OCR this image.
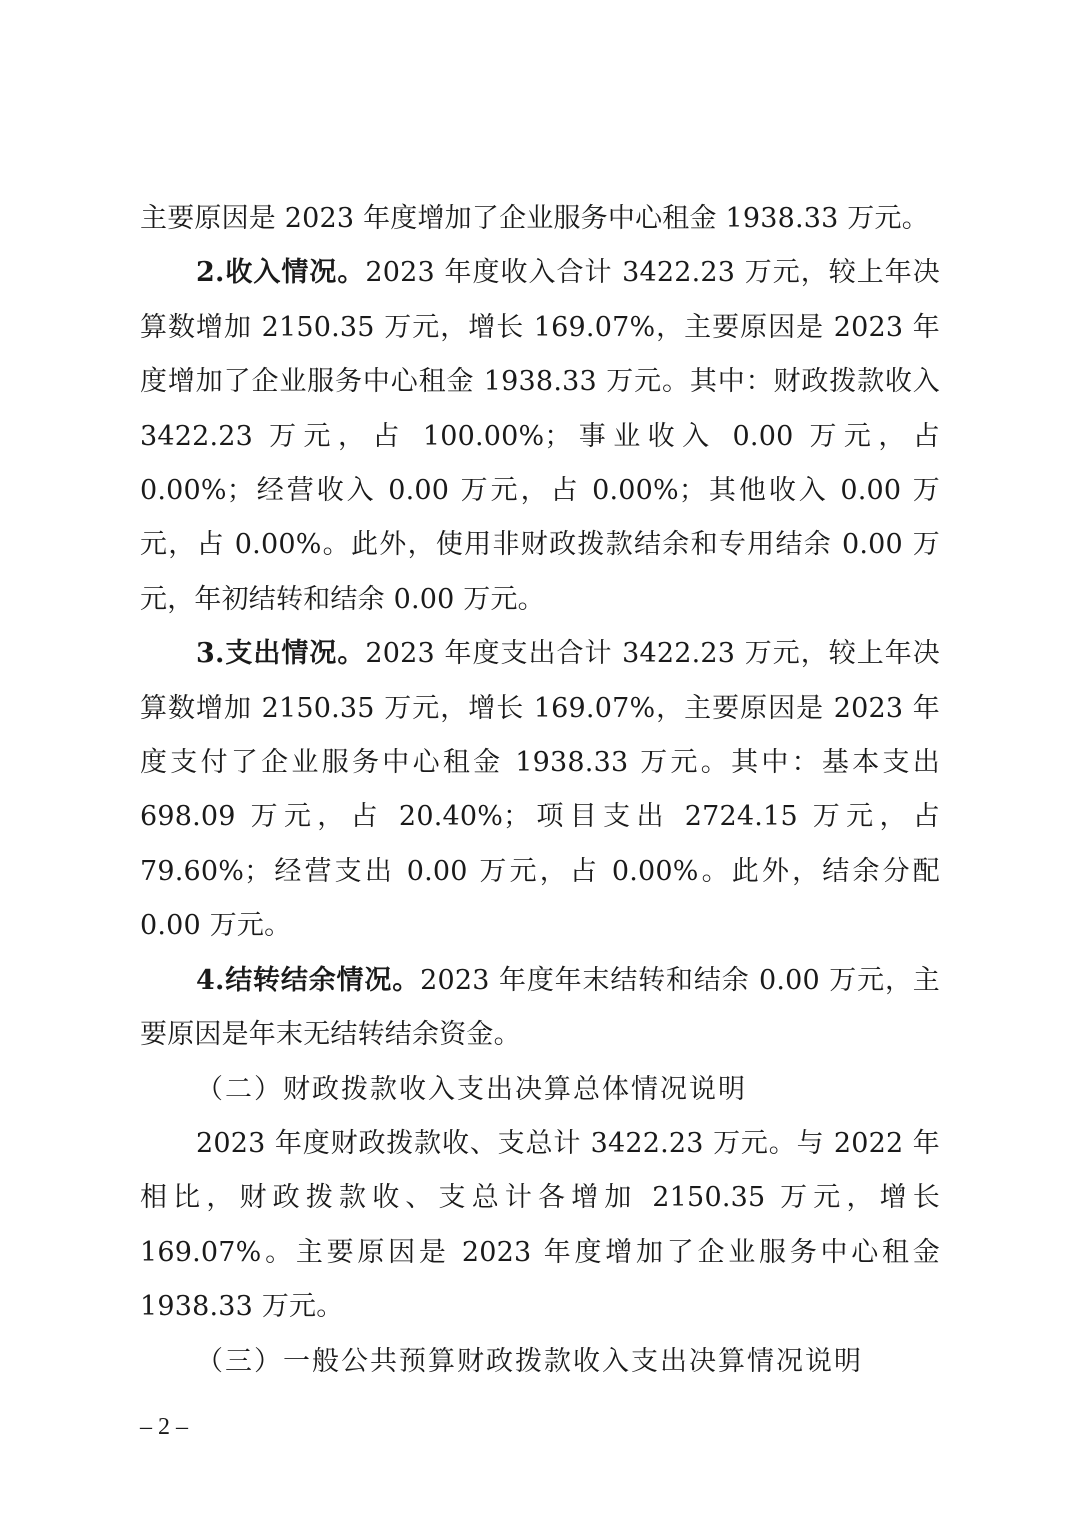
主要原因是 2023 年度增加了企业服务中心租金 1938.33 万元。

2.收入情况。2023 年度收入合计 3422.23 万元，较上年决算数增加 2150.35 万元，增长 169.07%，主要原因是 2023 年度增加了企业服务中心租金 1938.33 万元。其中：财政拨款收入 3422.23 万元，占 100.00%；事业收入 0.00 万元，占 0.00%；经营收入 0.00 万元，占 0.00%；其他收入 0.00 万元，占 0.00%。此外，使用非财政拨款结余和专用结余 0.00 万元，年初结转和结余 0.00 万元。

3.支出情况。2023 年度支出合计 3422.23 万元，较上年决算数增加 2150.35 万元，增长 169.07%，主要原因是 2023 年度支付了企业服务中心租金 1938.33 万元。其中：基本支出 698.09 万元，占 20.40%；项目支出 2724.15 万元，占 79.60%；经营支出 0.00 万元，占 0.00%。此外，结余分配 0.00 万元。

4.结转结余情况。2023 年度年末结转和结余 0.00 万元，主要原因是年末无结转结余资金。

（二）财政拨款收入支出决算总体情况说明

2023 年度财政拨款收、支总计 3422.23 万元。与 2022 年相比，财政拨款收、支总计各增加 2150.35 万元，增长 169.07%。主要原因是 2023 年度增加了企业服务中心租金 1938.33 万元。

（三）一般公共预算财政拨款收入支出决算情况说明

– 2 –
